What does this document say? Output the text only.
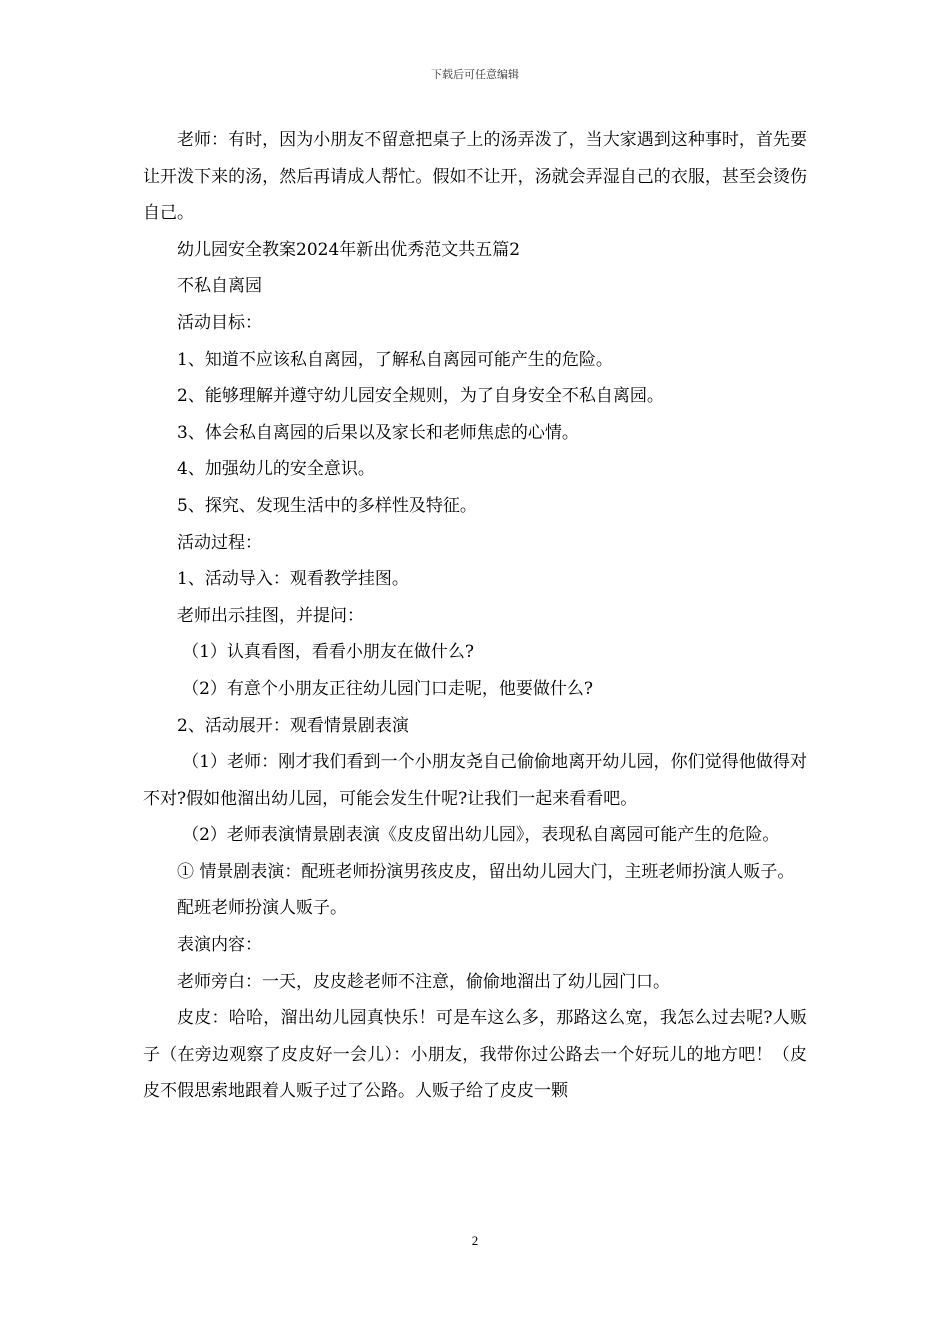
下载后可任意编辑

老师：有时，因为小朋友不留意把桌子上的汤弄泼了，当大家遇到这种事时，首先要让开泼下来的汤，然后再请成人帮忙。假如不让开，汤就会弄湿自己的衣服，甚至会烫伤自己。

幼儿园安全教案2024年新出优秀范文共五篇2

不私自离园

活动目标：

1、知道不应该私自离园，了解私自离园可能产生的危险。

2、能够理解并遵守幼儿园安全规则，为了自身安全不私自离园。

3、体会私自离园的后果以及家长和老师焦虑的心情。

4、加强幼儿的安全意识。

5、探究、发现生活中的多样性及特征。

活动过程：

1、活动导入：观看教学挂图。

老师出示挂图，并提问：

（1）认真看图，看看小朋友在做什么?

（2）有意个小朋友正往幼儿园门口走呢，他要做什么?

2、活动展开：观看情景剧表演

（1）老师：刚才我们看到一个小朋友尧自己偷偷地离开幼儿园，你们觉得他做得对不对?假如他溜出幼儿园，可能会发生什呢?让我们一起来看看吧。

（2）老师表演情景剧表演《皮皮留出幼儿园》，表现私自离园可能产生的危险。

① 情景剧表演：配班老师扮演男孩皮皮，留出幼儿园大门，主班老师扮演人贩子。

配班老师扮演人贩子。

表演内容：

老师旁白：一天，皮皮趁老师不注意，偷偷地溜出了幼儿园门口。

皮皮：哈哈，溜出幼儿园真快乐！可是车这么多，那路这么宽，我怎么过去呢?人贩子（在旁边观察了皮皮好一会儿）：小朋友，我带你过公路去一个好玩儿的地方吧！（皮皮不假思索地跟着人贩子过了公路。人贩子给了皮皮一颗

2
